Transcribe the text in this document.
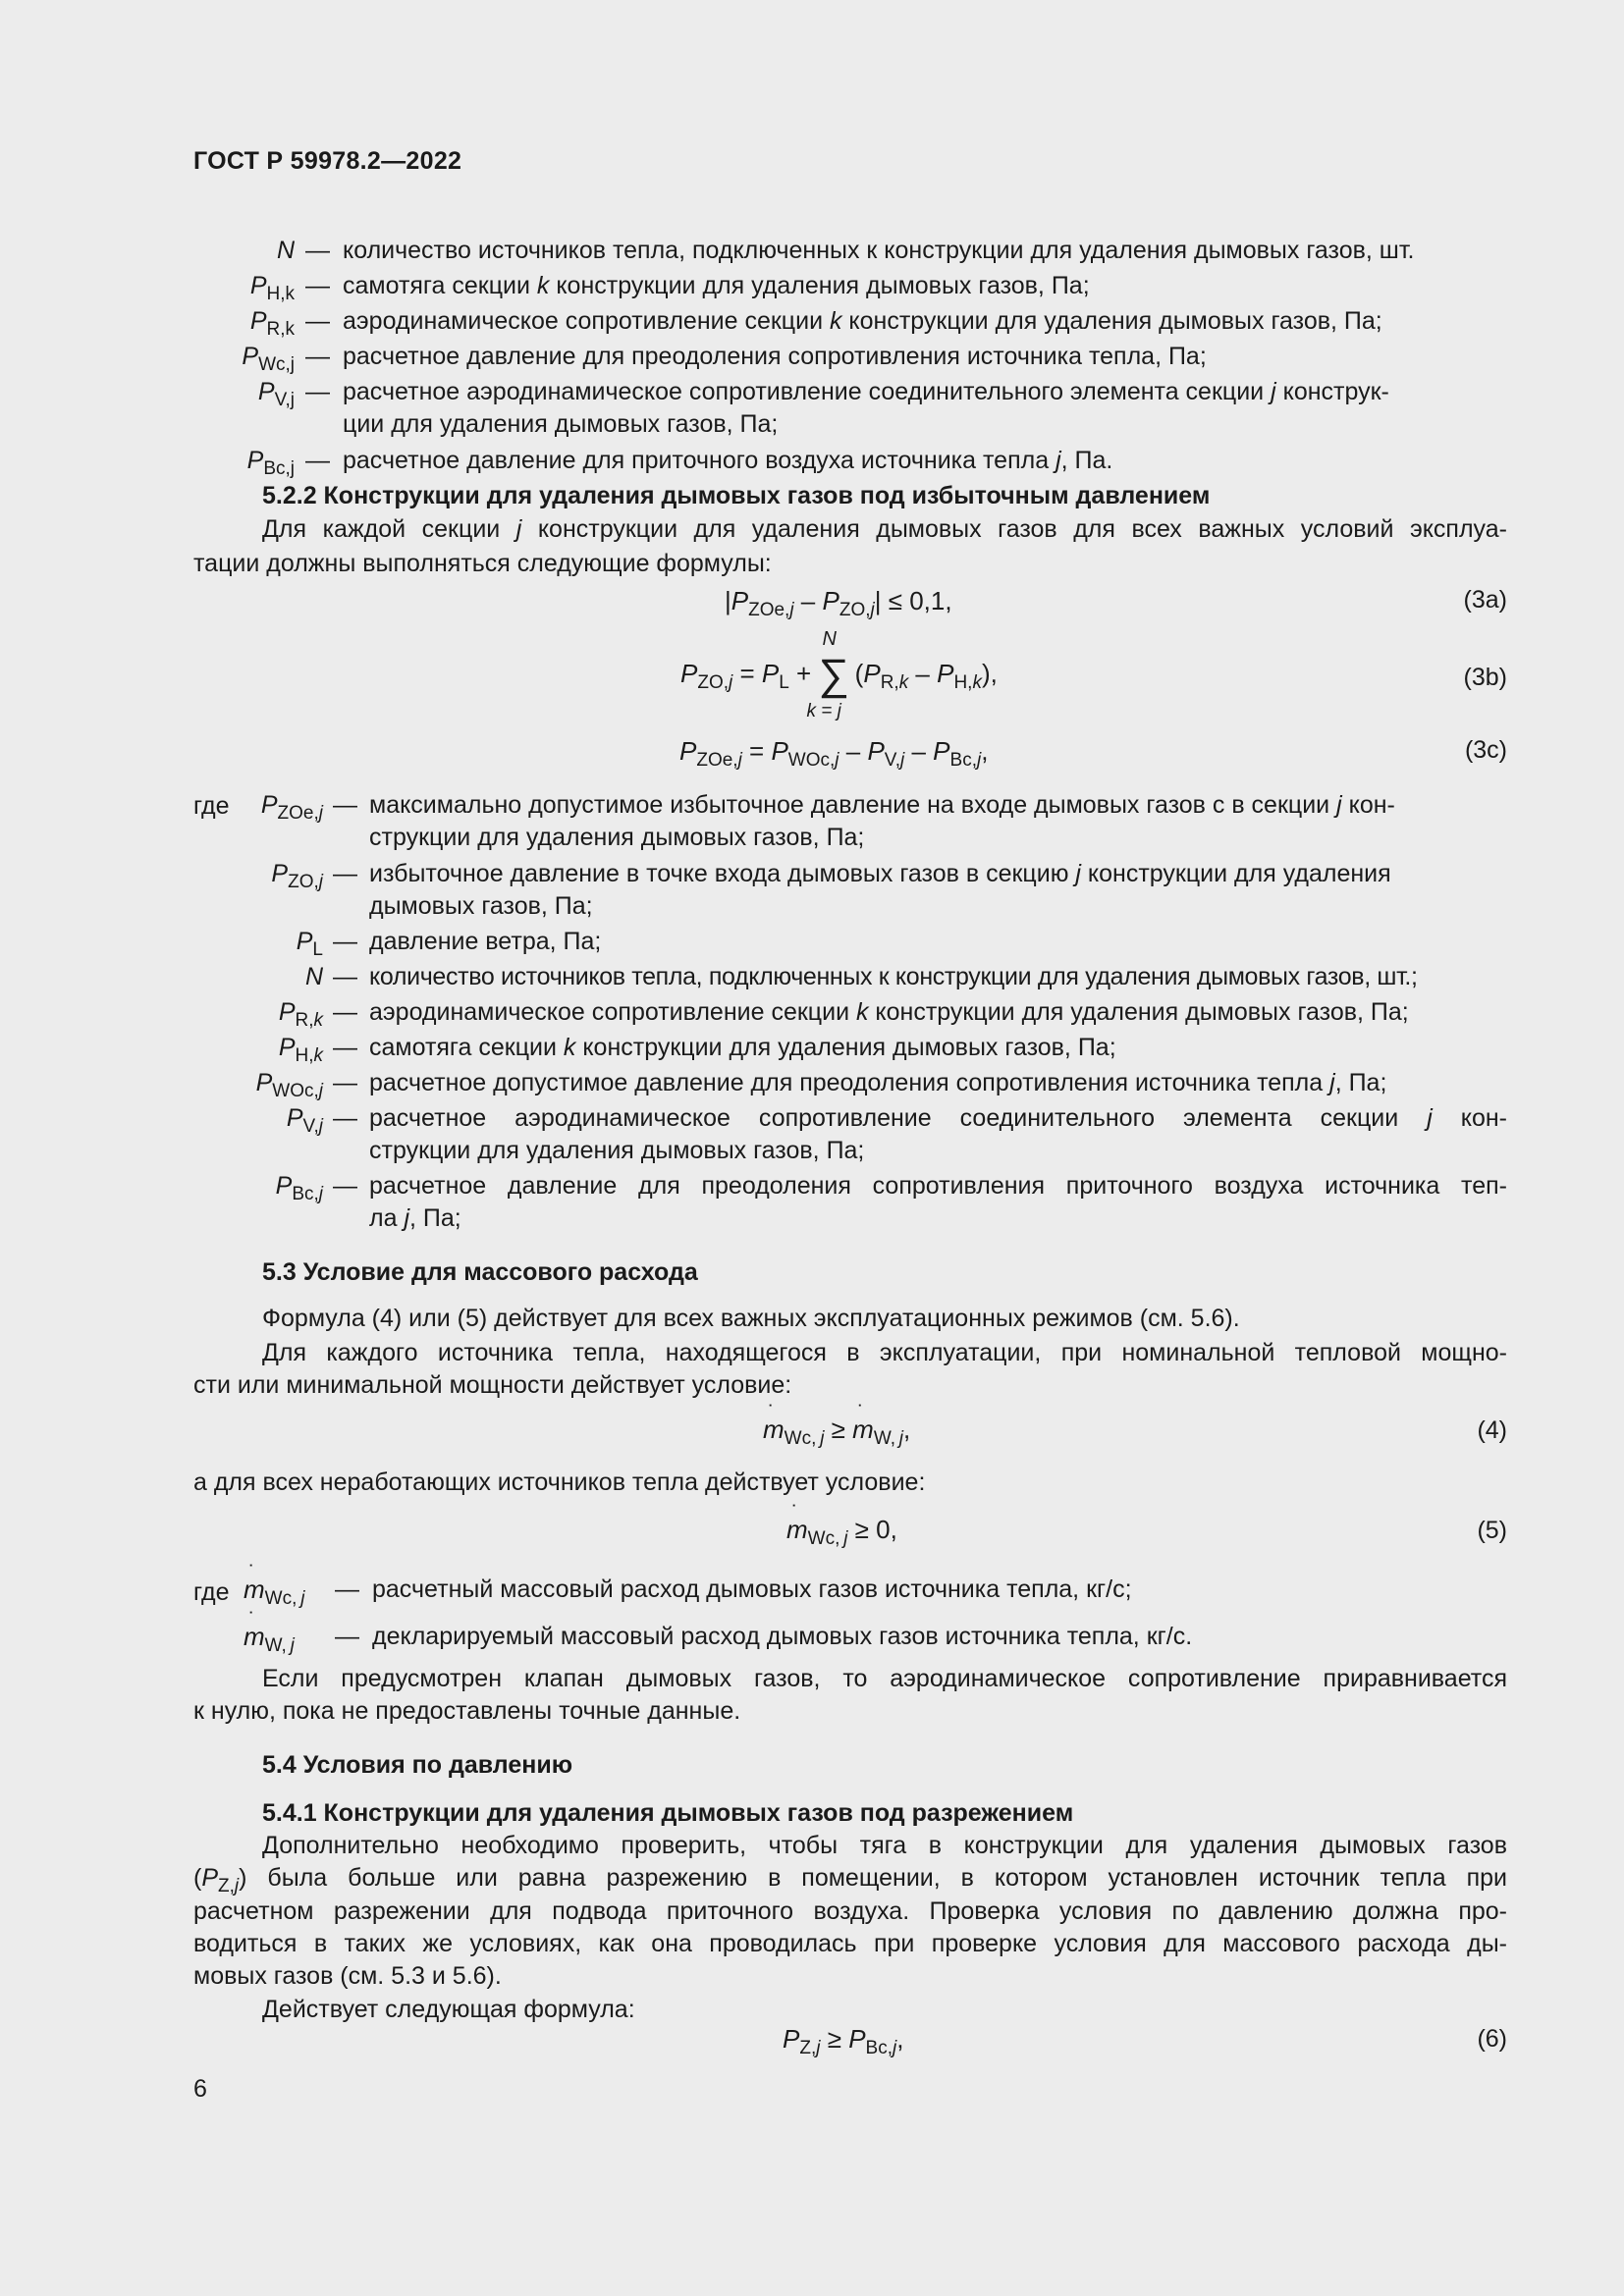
ГОСТ Р 59978.2—2022
N — количество источников тепла, подключенных к конструкции для удаления дымовых газов, шт.
$P_{H,k}$ — самотяга секции k конструкции для удаления дымовых газов, Па;
$P_{R,k}$ — аэродинамическое сопротивление секции k конструкции для удаления дымовых газов, Па;
$P_{Wc,j}$ — расчетное давление для преодоления сопротивления источника тепла, Па;
$P_{V,j}$ — расчетное аэродинамическое сопротивление соединительного элемента секции j конструк-
ции для удаления дымовых газов, Па;
$P_{Bc,j}$ — расчетное давление для приточного воздуха источника тепла j, Па.
5.2.2 Конструкции для удаления дымовых газов под избыточным давлением
Для каждой секции j конструкции для удаления дымовых газов для всех важных условий эксплуа-
тации должны выполняться следующие формулы:
$|P_{ZOe,j} - P_{ZO,j}| \le 0,1$,	(3a)
$P_{ZO,j} = P_L$ +
N
∑
k = j
$(P_{R,k} - P_{H,k})$,	(3b)
$P_{ZOe,j} = P_{WOc,j} - P_{V,j} - P_{Bc,j}$,	(3c)
где $P_{ZOe,j}$ — максимально допустимое избыточное давление на входе дымовых газов с в секции j кон-
струкции для удаления дымовых газов, Па;
$P_{ZO,j}$ — избыточное давление в точке входа дымовых газов в секцию j конструкции для удаления
дымовых газов, Па;
$P_L$ — давление ветра, Па;
N — количество источников тепла, подключенных к конструкции для удаления дымовых газов, шт.;
$P_{R,k}$ — аэродинамическое сопротивление секции k конструкции для удаления дымовых газов, Па;
$P_{H,k}$ — самотяга секции k конструкции для удаления дымовых газов, Па;
$P_{WOc,j}$ — расчетное допустимое давление для преодоления сопротивления источника тепла j, Па;
$P_{V,j}$ — расчетное аэродинамическое сопротивление соединительного элемента секции j кон-
струкции для удаления дымовых газов, Па;
$P_{Bc,j}$ — расчетное давление для преодоления сопротивления приточного воздуха источника теп-
ла j, Па;
5.3 Условие для массового расхода
Формула (4) или (5) действует для всех важных эксплуатационных режимов (см. 5.6).
Для каждого источника тепла, находящегося в эксплуатации, при номинальной тепловой мощно-
сти или минимальной мощности действует условие:
˙ $m_{Wc, j}$ ≥ ˙ $m_{W, j}$,	(4)
а для всех неработающих источников тепла действует условие:
˙ $m_{Wc, j} \ge 0$,	(5)
где
˙ $m_{Wc, j}$ — расчетный массовый расход дымовых газов источника тепла, кг/с;
˙ $m_{W, j}$ — декларируемый массовый расход дымовых газов источника тепла, кг/с.
Если предусмотрен клапан дымовых газов, то аэродинамическое сопротивление приравнивается
к нулю, пока не предоставлены точные данные.
5.4 Условия по давлению
5.4.1 Конструкции для удаления дымовых газов под разрежением
Дополнительно необходимо проверить, чтобы тяга в конструкции для удаления дымовых газов
$(P_{Z,j})$ была больше или равна разрежению в помещении, в котором установлен источник тепла при
расчетном разрежении для подвода приточного воздуха. Проверка условия по давлению должна про-
водиться в таких же условиях, как она проводилась при проверке условия для массового расхода ды-
мовых газов (см. 5.3 и 5.6).
Действует следующая формула:
$P_{Z,j} \ge P_{Bc,j}$,	(6)
6
